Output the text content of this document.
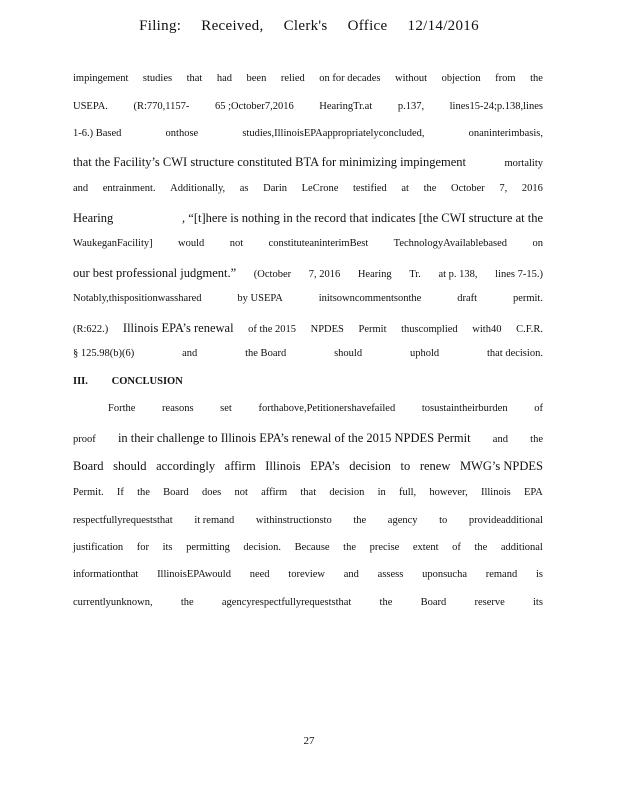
Filing: Received, Clerk's Office 12/14/2016
impingement studies that had been relied on for decades without objection from the
USEPA. (R:770,1157- 65 ;October7,2016 HearingTr.at p.137, lines15-24;p.138,lines
1-6.) Based	onthose	studies,IllinoisEPAappropriatelyconcluded,	onaninterimbasis,
that the Facility’s CWI structure constituted BTA for minimizing impingement	mortality
and entrainment. Additionally, as Darin LeCrone testified at the October 7, 2016
Hearing	, “[t]here is nothing in the record that indicates [the CWI structure at the
WaukeganFacility] would not constituteaninterimBest TechnologyAvailablebased on
our best professional judgment.” (October 7, 2016 Hearing Tr. at p. 138, lines 7-15.)
Notably,thispositionwasshared	by USEPA	initsowncommentsonthe	draft	permit.
(R:622.) Illinois EPA’s renewal of the 2015 NPDES Permit thuscomplied with40 C.F.R.
§ 125.98(b)(6)	and	the Board	should	uphold	that decision.
Forthe	reasons	set	forthabove,Petitionershavefailed	tosustaintheirburden	of
proof in their challenge to Illinois EPA’s renewal of the 2015 NPDES Permit and the
Board should accordingly affirm Illinois EPA’s decision to renew MWG’s NPDES
Permit. If the Board does not affirm that decision in full, however, Illinois EPA
respectfullyrequeststhat it remand withinstructionsto the agency to provideadditional
justification for its permitting decision. Because the precise extent of the additional
informationthat IllinoisEPAwould need toreview and assess uponsucha remand is
currentlyunknown,	the	agencyrespectfullyrequeststhat	the	Board	reserve	its
III. CONCLUSION
27
